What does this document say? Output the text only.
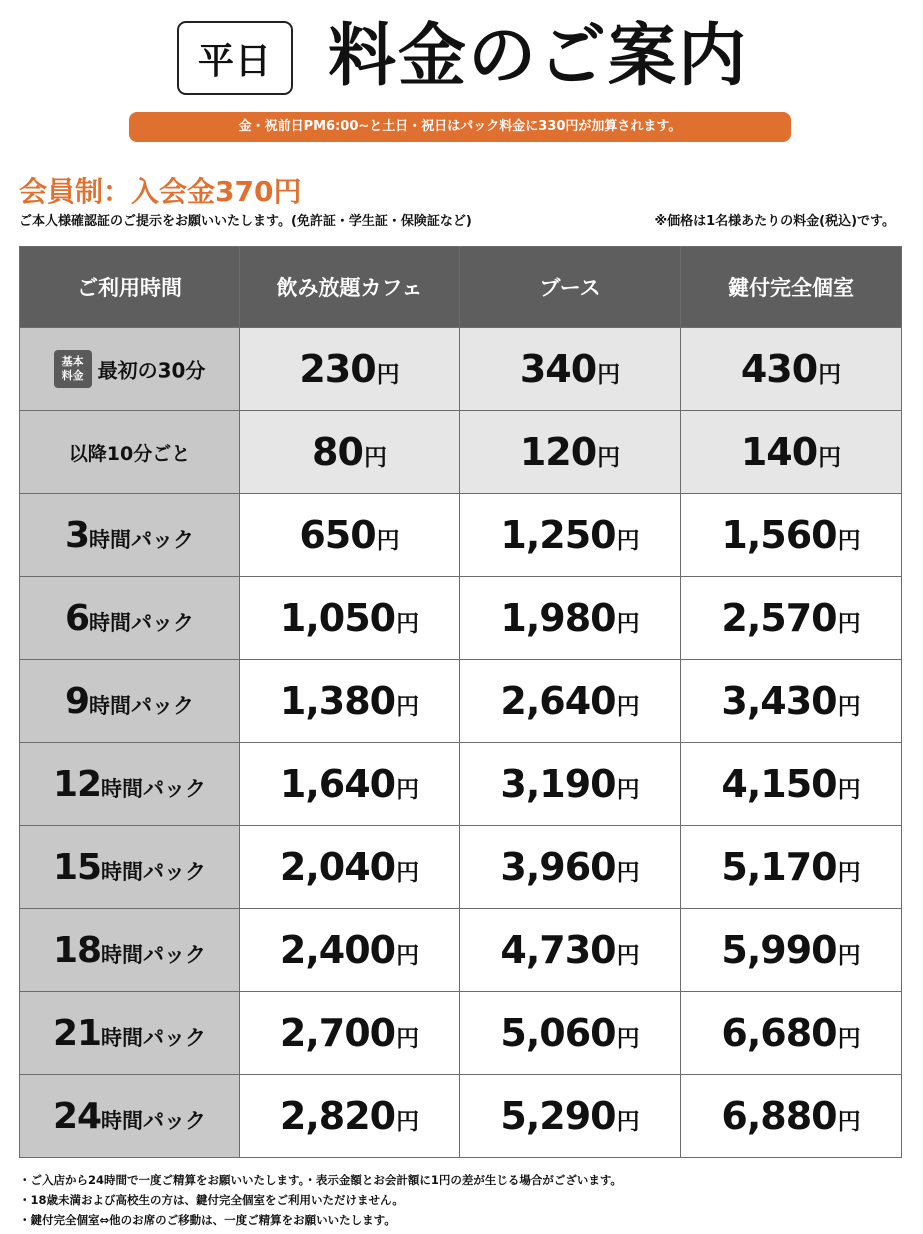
平日 料金のご案内
金・祝前日PM6:00~と土日・祝日はパック料金に330円が加算されます。
会員制：入会金370円
ご本人様確認証のご提示をお願いいたします。(免許証・学生証・保険証など)	※価格は1名様あたりの料金(税込)です。
ご利用時間	飲み放題カフェ	ブース	鍵付完全個室
基本
料金 最初の30分	230円	340円	430円
以降10分ごと	80円	120円	140円
3時間パック	650円	1,250円	1,560円
6時間パック	1,050円	1,980円	2,570円
9時間パック	1,380円	2,640円	3,430円
12時間パック	1,640円	3,190円	4,150円
15時間パック	2,040円	3,960円	5,170円
18時間パック	2,400円	4,730円	5,990円
21時間パック	2,700円	5,060円	6,680円
24時間パック	2,820円	5,290円	6,880円
・ご入店から24時間で一度ご精算をお願いいたします。・表示金額とお会計額に1円の差が生じる場合がございます。
・18歳未満および高校生の方は、鍵付完全個室をご利用いただけません。
・鍵付完全個室⇔他のお席のご移動は、一度ご精算をお願いいたします。
